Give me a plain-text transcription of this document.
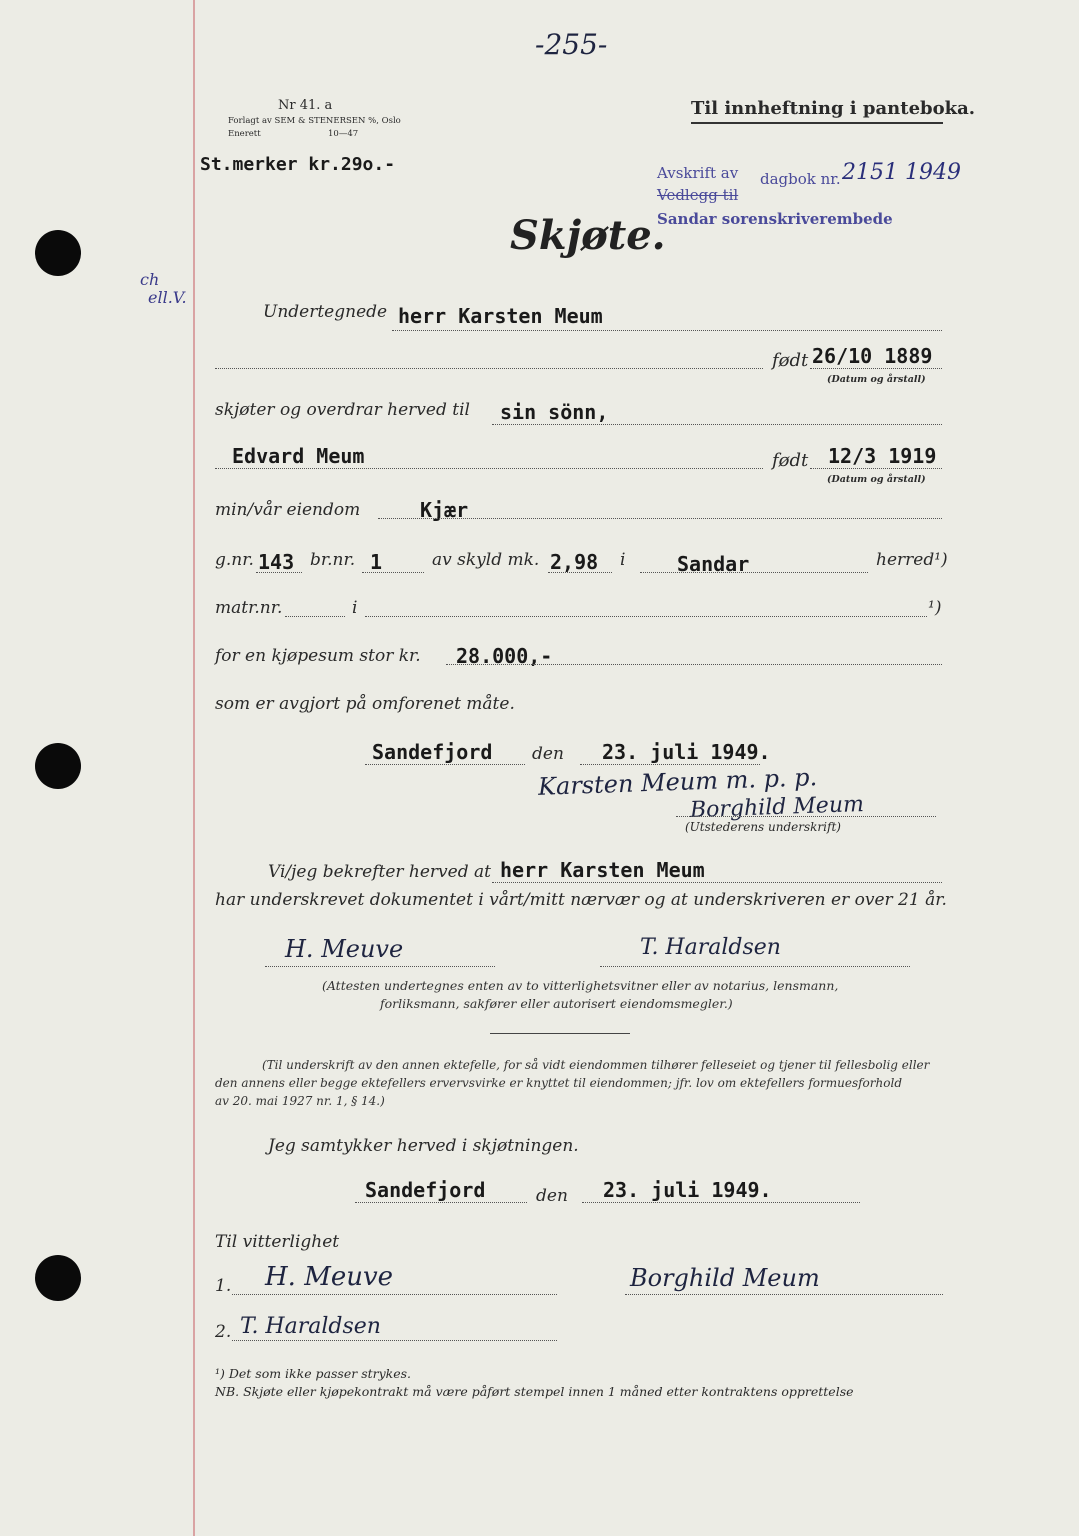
-255-
Nr 41. a
Forlagt av SEM & STENERSEN %, Oslo
Enerett	10—47
Til innheftning i panteboka.
St.merker kr.29o.-	Avskrift av dagbok nr. 2151 1949
Vedlegg til
Sandar sorenskriverembede
Skjøte.
ch
ell.V.
Undertegnede herr Karsten Meum
født 26/10 1889
(Datum og årstall)
skjøter og overdrar herved til sin sönn,
Edvard Meum	født 12/3 1919
(Datum og årstall)
min/vår eiendom	Kjær
g.nr. 143 br.nr. 1	av skyld mk. 2,98 i	Sandar	herred¹)
matr.nr.	i	¹)
for en kjøpesum stor kr. 28.000,-
som er avgjort på omforenet måte.
Sandefjord den 23. juli 1949.
Karsten Meum m. p. p.
Borghild Meum
(Utstederens underskrift)
Vi/jeg bekrefter herved at herr Karsten Meum
har underskrevet dokumentet i vårt/mitt nærvær og at underskriveren er over 21 år.
H. Meuve	T. Haraldsen
(Attesten undertegnes enten av to vitterlighetsvitner eller av notarius, lensmann,
forliksmann, sakfører eller autorisert eiendomsmegler.)
(Til underskrift av den annen ektefelle, for så vidt eiendommen tilhører felleseiet og tjener til fellesbolig eller
den annens eller begge ektefellers ervervsvirke er knyttet til eiendommen; jfr. lov om ektefellers formuesforhold
av 20. mai 1927 nr. 1, § 14.)
Jeg samtykker herved i skjøtningen.
Sandefjord	den 23. juli 1949.
Til vitterlighet
1. H. Meuve	Borghild Meum
2. T. Haraldsen
¹) Det som ikke passer strykes.
NB. Skjøte eller kjøpekontrakt må være påført stempel innen 1 måned etter kontraktens opprettelse
